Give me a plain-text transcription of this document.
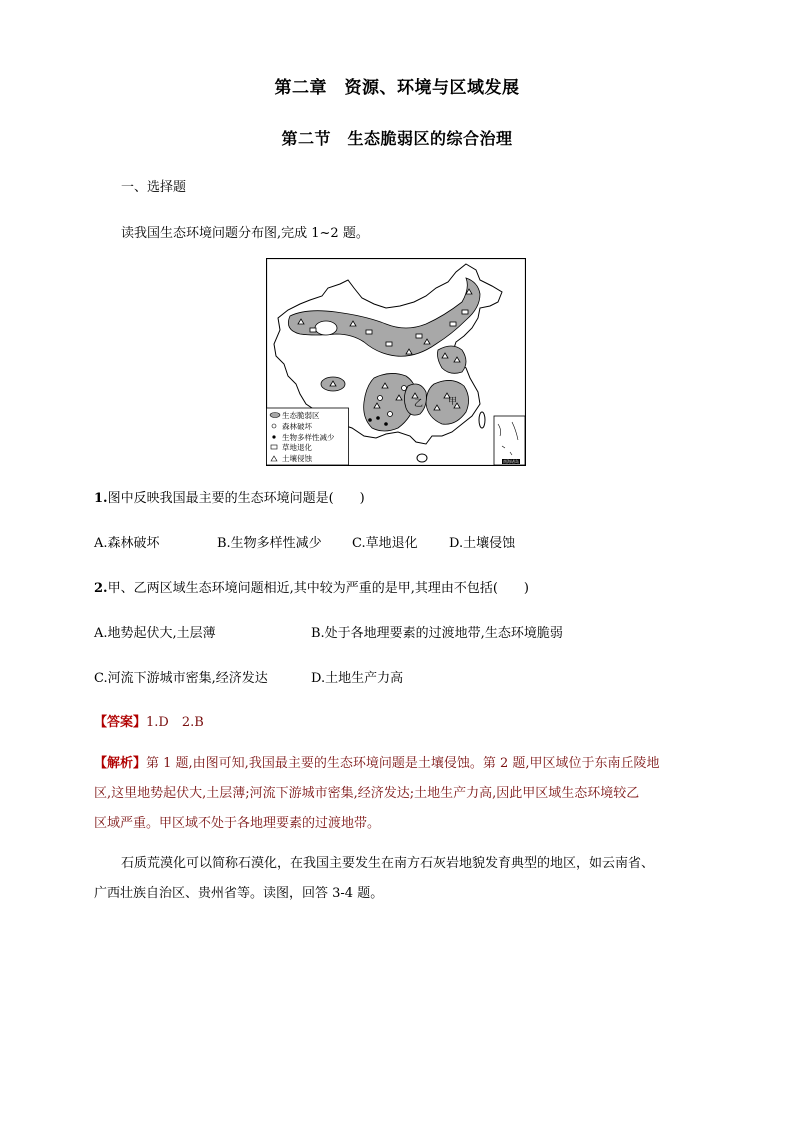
第二章　资源、环境与区域发展
第二节　生态脆弱区的综合治理
一、选择题
读我国生态环境问题分布图,完成 1~2 题。
甲
乙
生态脆弱区
森林破坏
生物多样性减少
草地退化
土壤侵蚀	南海诸岛
1.图中反映我国最主要的生态环境问题是(　　)
A.森林破坏	B.生物多样性减少 C.草地退化 D.土壤侵蚀
2.甲、乙两区域生态环境问题相近,其中较为严重的是甲,其理由不包括(　　)
A.地势起伏大,土层薄	B.处于各地理要素的过渡地带,生态环境脆弱
C.河流下游城市密集,经济发达	D.土地生产力高
【答案】1.D　2.B
【解析】第 1 题,由图可知,我国最主要的生态环境问题是土壤侵蚀。第 2 题,甲区域位于东南丘陵地
区,这里地势起伏大,土层薄;河流下游城市密集,经济发达;土地生产力高,因此甲区域生态环境较乙
区域严重。甲区域不处于各地理要素的过渡地带。
石质荒漠化可以简称石漠化，在我国主要发生在南方石灰岩地貌发育典型的地区，如云南省、
广西壮族自治区、贵州省等。读图，回答 3-4 题。
